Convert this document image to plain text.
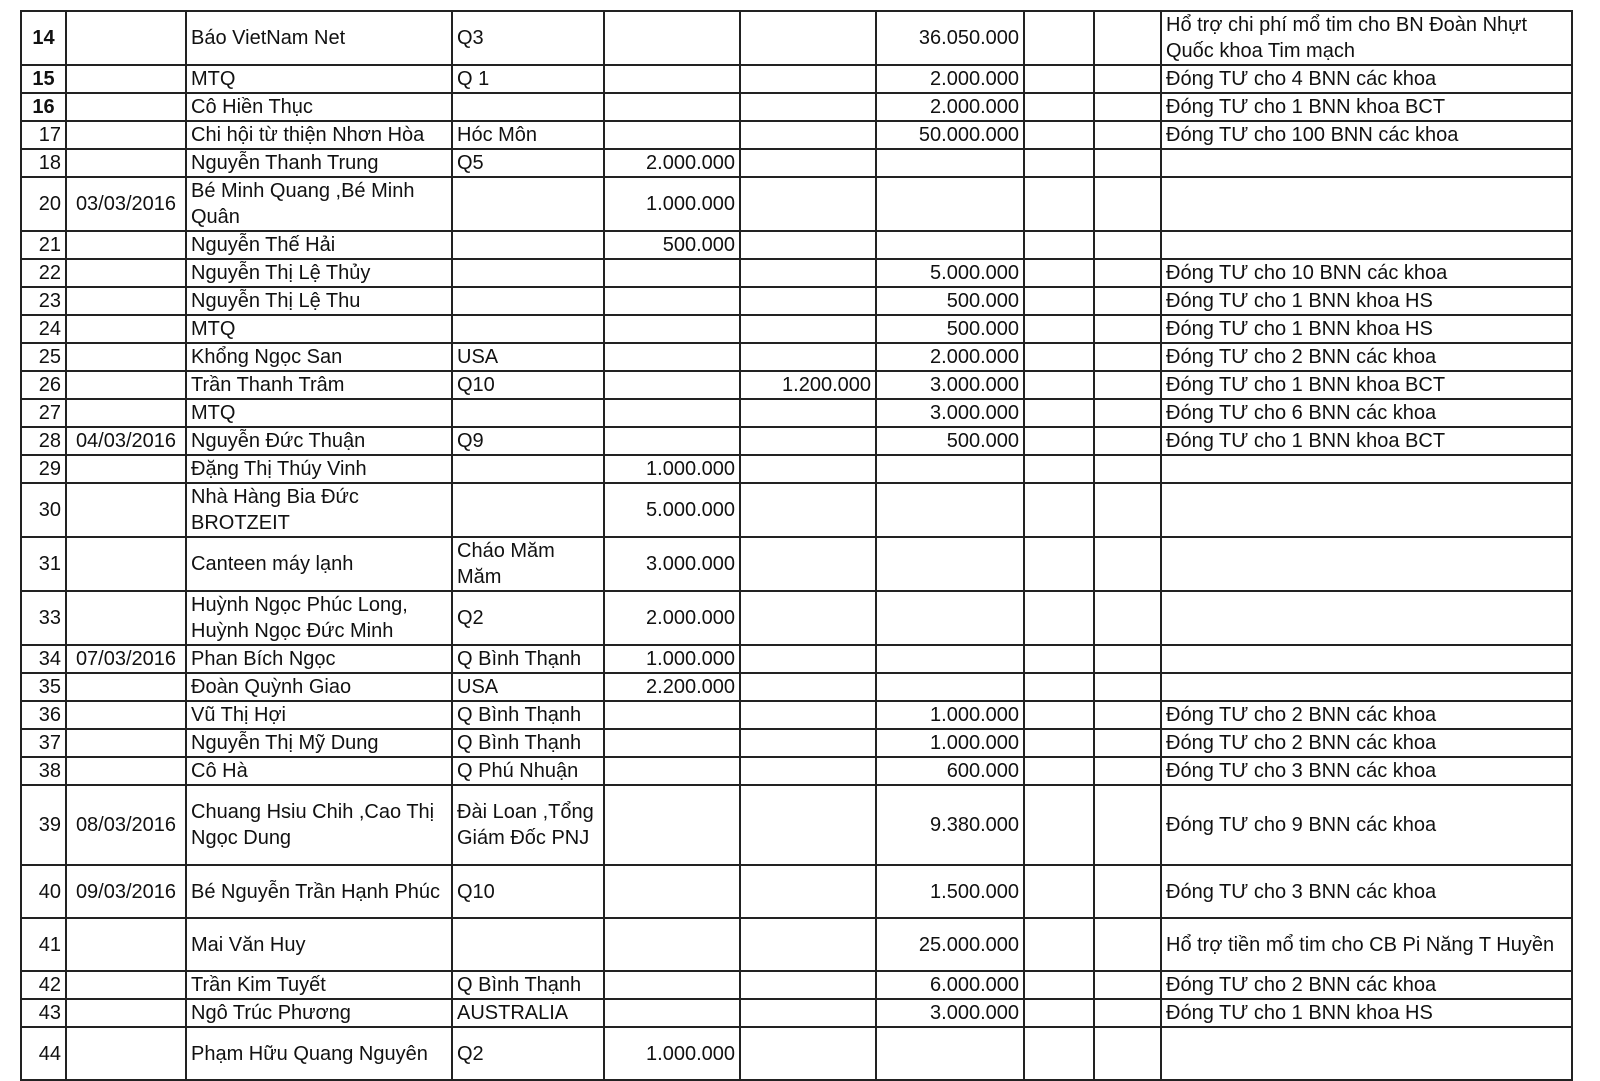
14		Báo VietNam Net	Q3			36.050.000			Hổ trợ chi phí mổ tim cho BN Đoàn Nhựt Quốc khoa Tim mạch
15		MTQ	Q 1			2.000.000			Đóng TƯ cho 4 BNN các khoa
16		Cô Hiền Thục				2.000.000			Đóng TƯ cho 1 BNN khoa BCT
17		Chi hội từ thiện Nhơn Hòa	Hóc Môn			50.000.000			Đóng TƯ cho 100 BNN các khoa
18		Nguyễn Thanh Trung	Q5	2.000.000					
20	03/03/2016	Bé Minh Quang ,Bé Minh Quân		1.000.000					
21		Nguyễn Thế Hải		500.000					
22		Nguyễn Thị Lệ Thủy				5.000.000			Đóng TƯ cho 10 BNN các khoa
23		Nguyễn Thị Lệ Thu				500.000			Đóng TƯ cho 1 BNN khoa HS
24		MTQ				500.000			Đóng TƯ cho 1 BNN khoa HS
25		Khổng Ngọc San	USA			2.000.000			Đóng TƯ cho 2 BNN các khoa
26		Trần Thanh Trâm	Q10		1.200.000	3.000.000			Đóng TƯ cho 1 BNN khoa BCT
27		MTQ				3.000.000			Đóng TƯ cho 6 BNN các khoa
28	04/03/2016	Nguyễn Đức Thuận	Q9			500.000			Đóng TƯ cho 1 BNN khoa BCT
29		Đặng Thị Thúy Vinh		1.000.000					
30		Nhà Hàng Bia Đức BROTZEIT		5.000.000					
31		Canteen máy lạnh	Cháo Măm Măm	3.000.000					
33		Huỳnh Ngọc Phúc Long, Huỳnh Ngọc Đức Minh	Q2	2.000.000					
34	07/03/2016	Phan Bích Ngọc	Q Bình Thạnh	1.000.000					
35		Đoàn Quỳnh Giao	USA	2.200.000					
36		Vũ Thị Hợi	Q Bình Thạnh			1.000.000			Đóng TƯ cho 2 BNN các khoa
37		Nguyễn Thị Mỹ Dung	Q Bình Thạnh			1.000.000			Đóng TƯ cho 2 BNN các khoa
38		Cô Hà	Q Phú Nhuận			600.000			Đóng TƯ cho 3 BNN các khoa
39	08/03/2016	Chuang Hsiu Chih ,Cao Thị Ngọc Dung	Đài Loan ,Tổng Giám Đốc PNJ			9.380.000			Đóng TƯ cho 9 BNN các khoa
40	09/03/2016	Bé Nguyễn Trần Hạnh Phúc	Q10			1.500.000			Đóng TƯ cho 3 BNN các khoa
41		Mai Văn Huy				25.000.000			Hổ trợ tiền mổ tim cho CB Pi Năng T Huyền
42		Trần Kim Tuyết	Q Bình Thạnh			6.000.000			Đóng TƯ cho 2 BNN các khoa
43		Ngô Trúc Phương	AUSTRALIA			3.000.000			Đóng TƯ cho 1 BNN khoa HS
44		Phạm Hữu Quang Nguyên	Q2	1.000.000					
